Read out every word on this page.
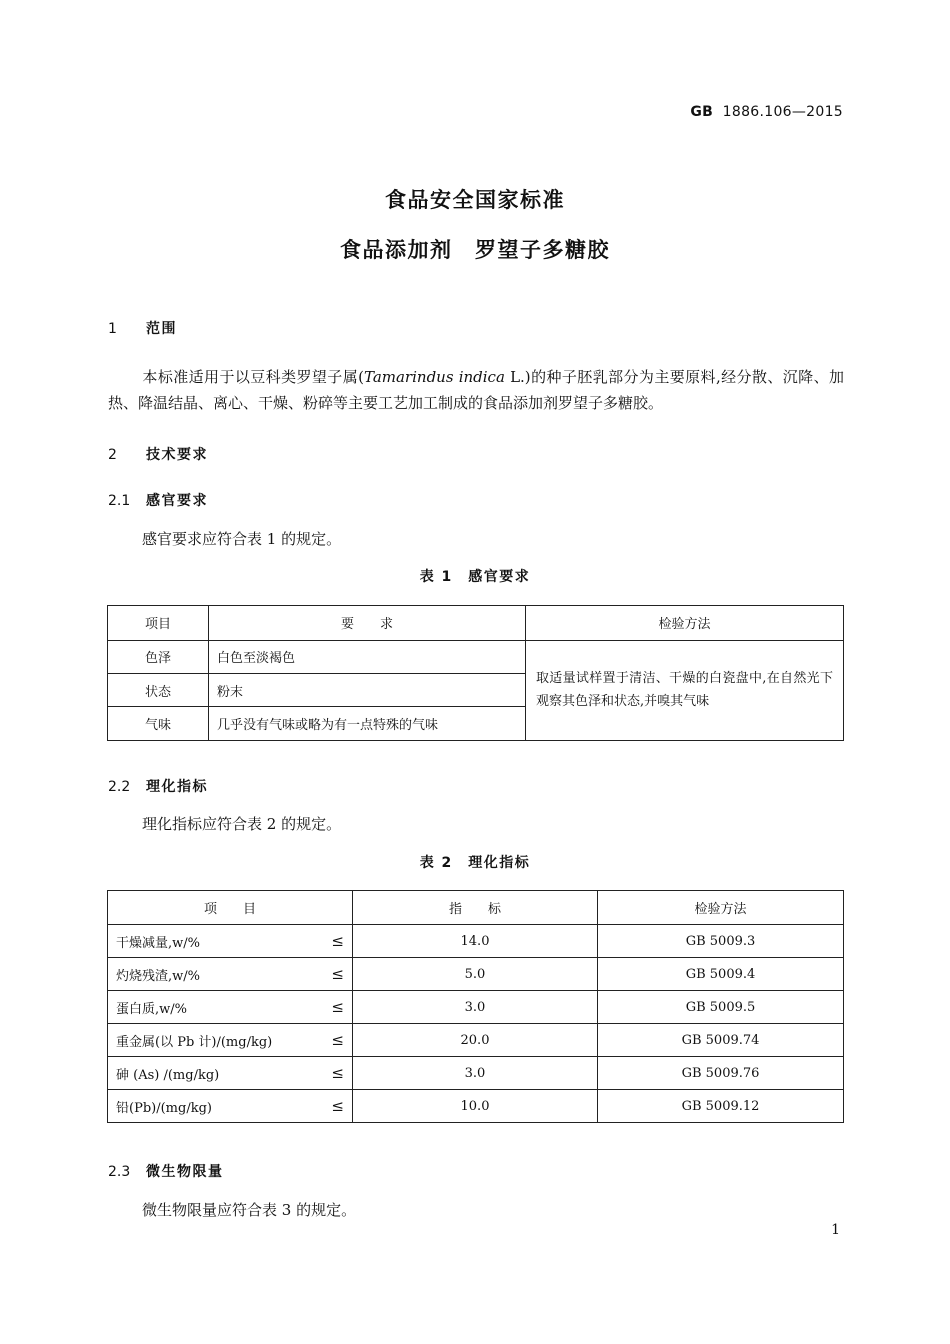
GB 1886.106—2015
食品安全国家标准
食品添加剂　罗望子多糖胶
1 范围
本标准适用于以豆科类罗望子属(Tamarindus indica L.)的种子胚乳部分为主要原料,经分散、沉降、加热、降温结晶、离心、干燥、粉碎等主要工艺加工制成的食品添加剂罗望子多糖胶。
2 技术要求
2.1 感官要求
感官要求应符合表 1 的规定。
表 1　感官要求
项目	要　　求	检验方法
色泽	白色至淡褐色	取适量试样置于清洁、干燥的白瓷盘中,在自然光下观察其色泽和状态,并嗅其气味
状态	粉末	
气味	几乎没有气味或略为有一点特殊的气味	
2.2 理化指标
理化指标应符合表 2 的规定。
表 2　理化指标
项　　目	指　　标	检验方法
干燥减量,w/% ≤	14.0	GB 5009.3
灼烧残渣,w/% ≤	5.0	GB 5009.4
蛋白质,w/% ≤	3.0	GB 5009.5
重金属(以 Pb 计)/(mg/kg) ≤	20.0	GB 5009.74
砷 (As) /(mg/kg) ≤	3.0	GB 5009.76
铅(Pb)/(mg/kg) ≤	10.0	GB 5009.12
2.3 微生物限量
微生物限量应符合表 3 的规定。
1
